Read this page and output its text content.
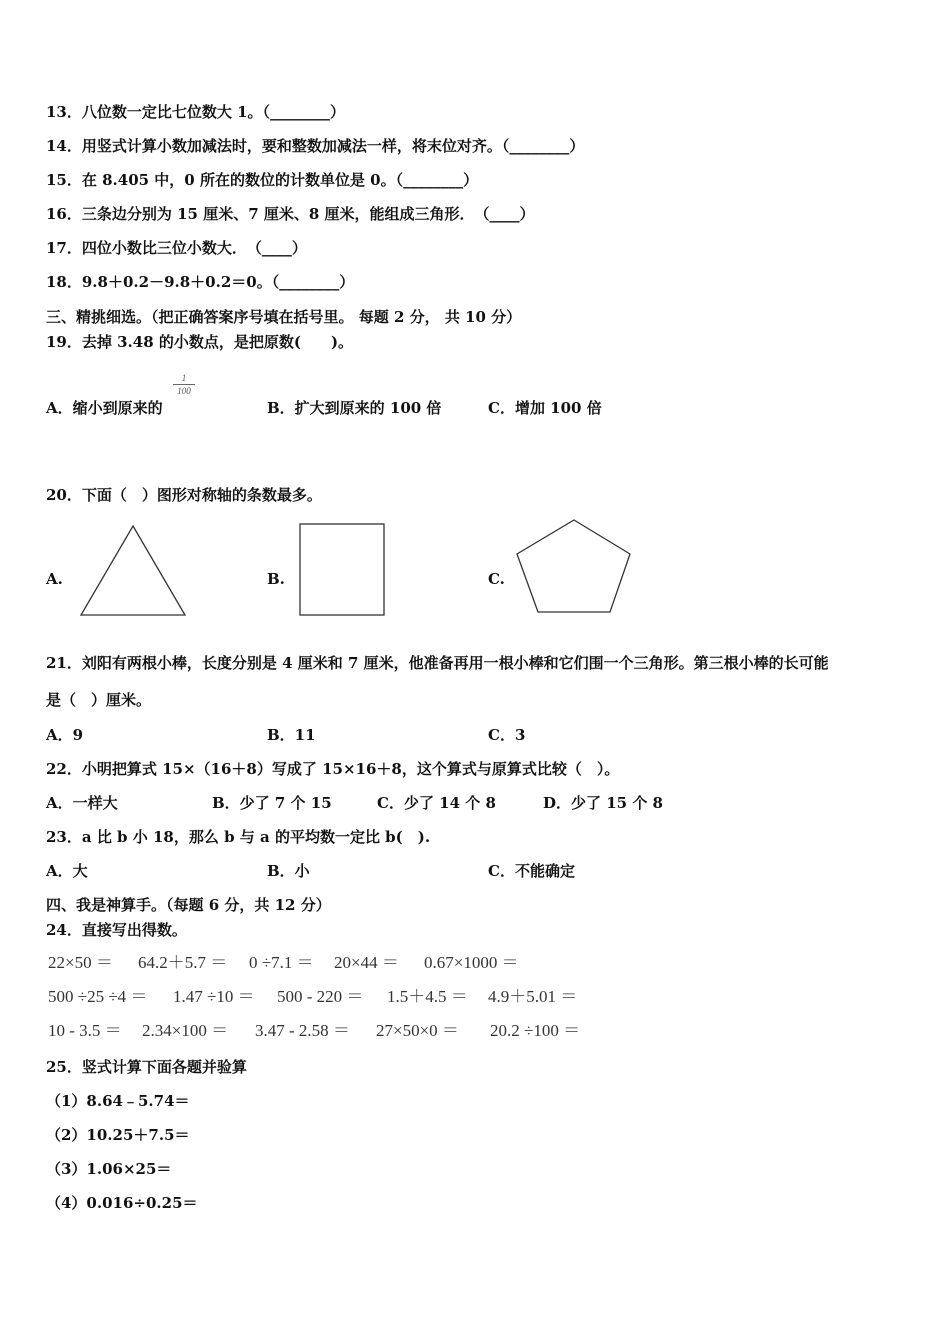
13．八位数一定比七位数大 1。（________）
14．用竖式计算小数加减法时，要和整数加减法一样，将末位对齐。（________）
15．在 8.405 中，0 所在的数位的计数单位是 0。（________）
16．三条边分别为 15 厘米、7 厘米、8 厘米，能组成三角形．　（____）
17．四位小数比三位小数大．　（____）
18．9.8＋0.2－9.8＋0.2＝0。（________）
三、精挑细选。（把正确答案序号填在括号里。 每题 2 分， 共 10 分）
19．去掉 3.48 的小数点，是把原数(　　)。
A．缩小到原来的
1
100
B．扩大到原来的 100 倍	C．增加 100 倍
20．下面（　）图形对称轴的条数最多。
A.	B.	C.
21．刘阳有两根小棒，长度分别是 4 厘米和 7 厘米，他准备再用一根小棒和它们围一个三角形。第三根小棒的长可能
是（　）厘米。
A．9	B．11	C．3
22．小明把算式 15×（16＋8）写成了 15×16＋8，这个算式与原算式比较（　）。
A．一样大	B．少了 7 个 15	C．少了 14 个 8	D．少了 15 个 8
23．a 比 b 小 18，那么 b 与 a 的平均数一定比 b(　).
A．大	B．小	C．不能确定
四、我是神算手。（每题 6 分，共 12 分）
24．直接写出得数。
22×50 ＝ 64.2＋5.7 ＝ 0 ÷7.1 ＝ 20×44 ＝ 0.67×1000 ＝
500 ÷25 ÷4 ＝ 1.47 ÷10 ＝ 500 - 220 ＝ 1.5＋4.5 ＝ 4.9＋5.01 ＝
10 - 3.5 ＝ 2.34×100 ＝ 3.47 - 2.58 ＝ 27×50×0 ＝ 20.2 ÷100 ＝
25．竖式计算下面各题并验算
（1）8.64﹣5.74＝
（2）10.25＋7.5＝
（3）1.06×25＝
（4）0.016÷0.25＝
